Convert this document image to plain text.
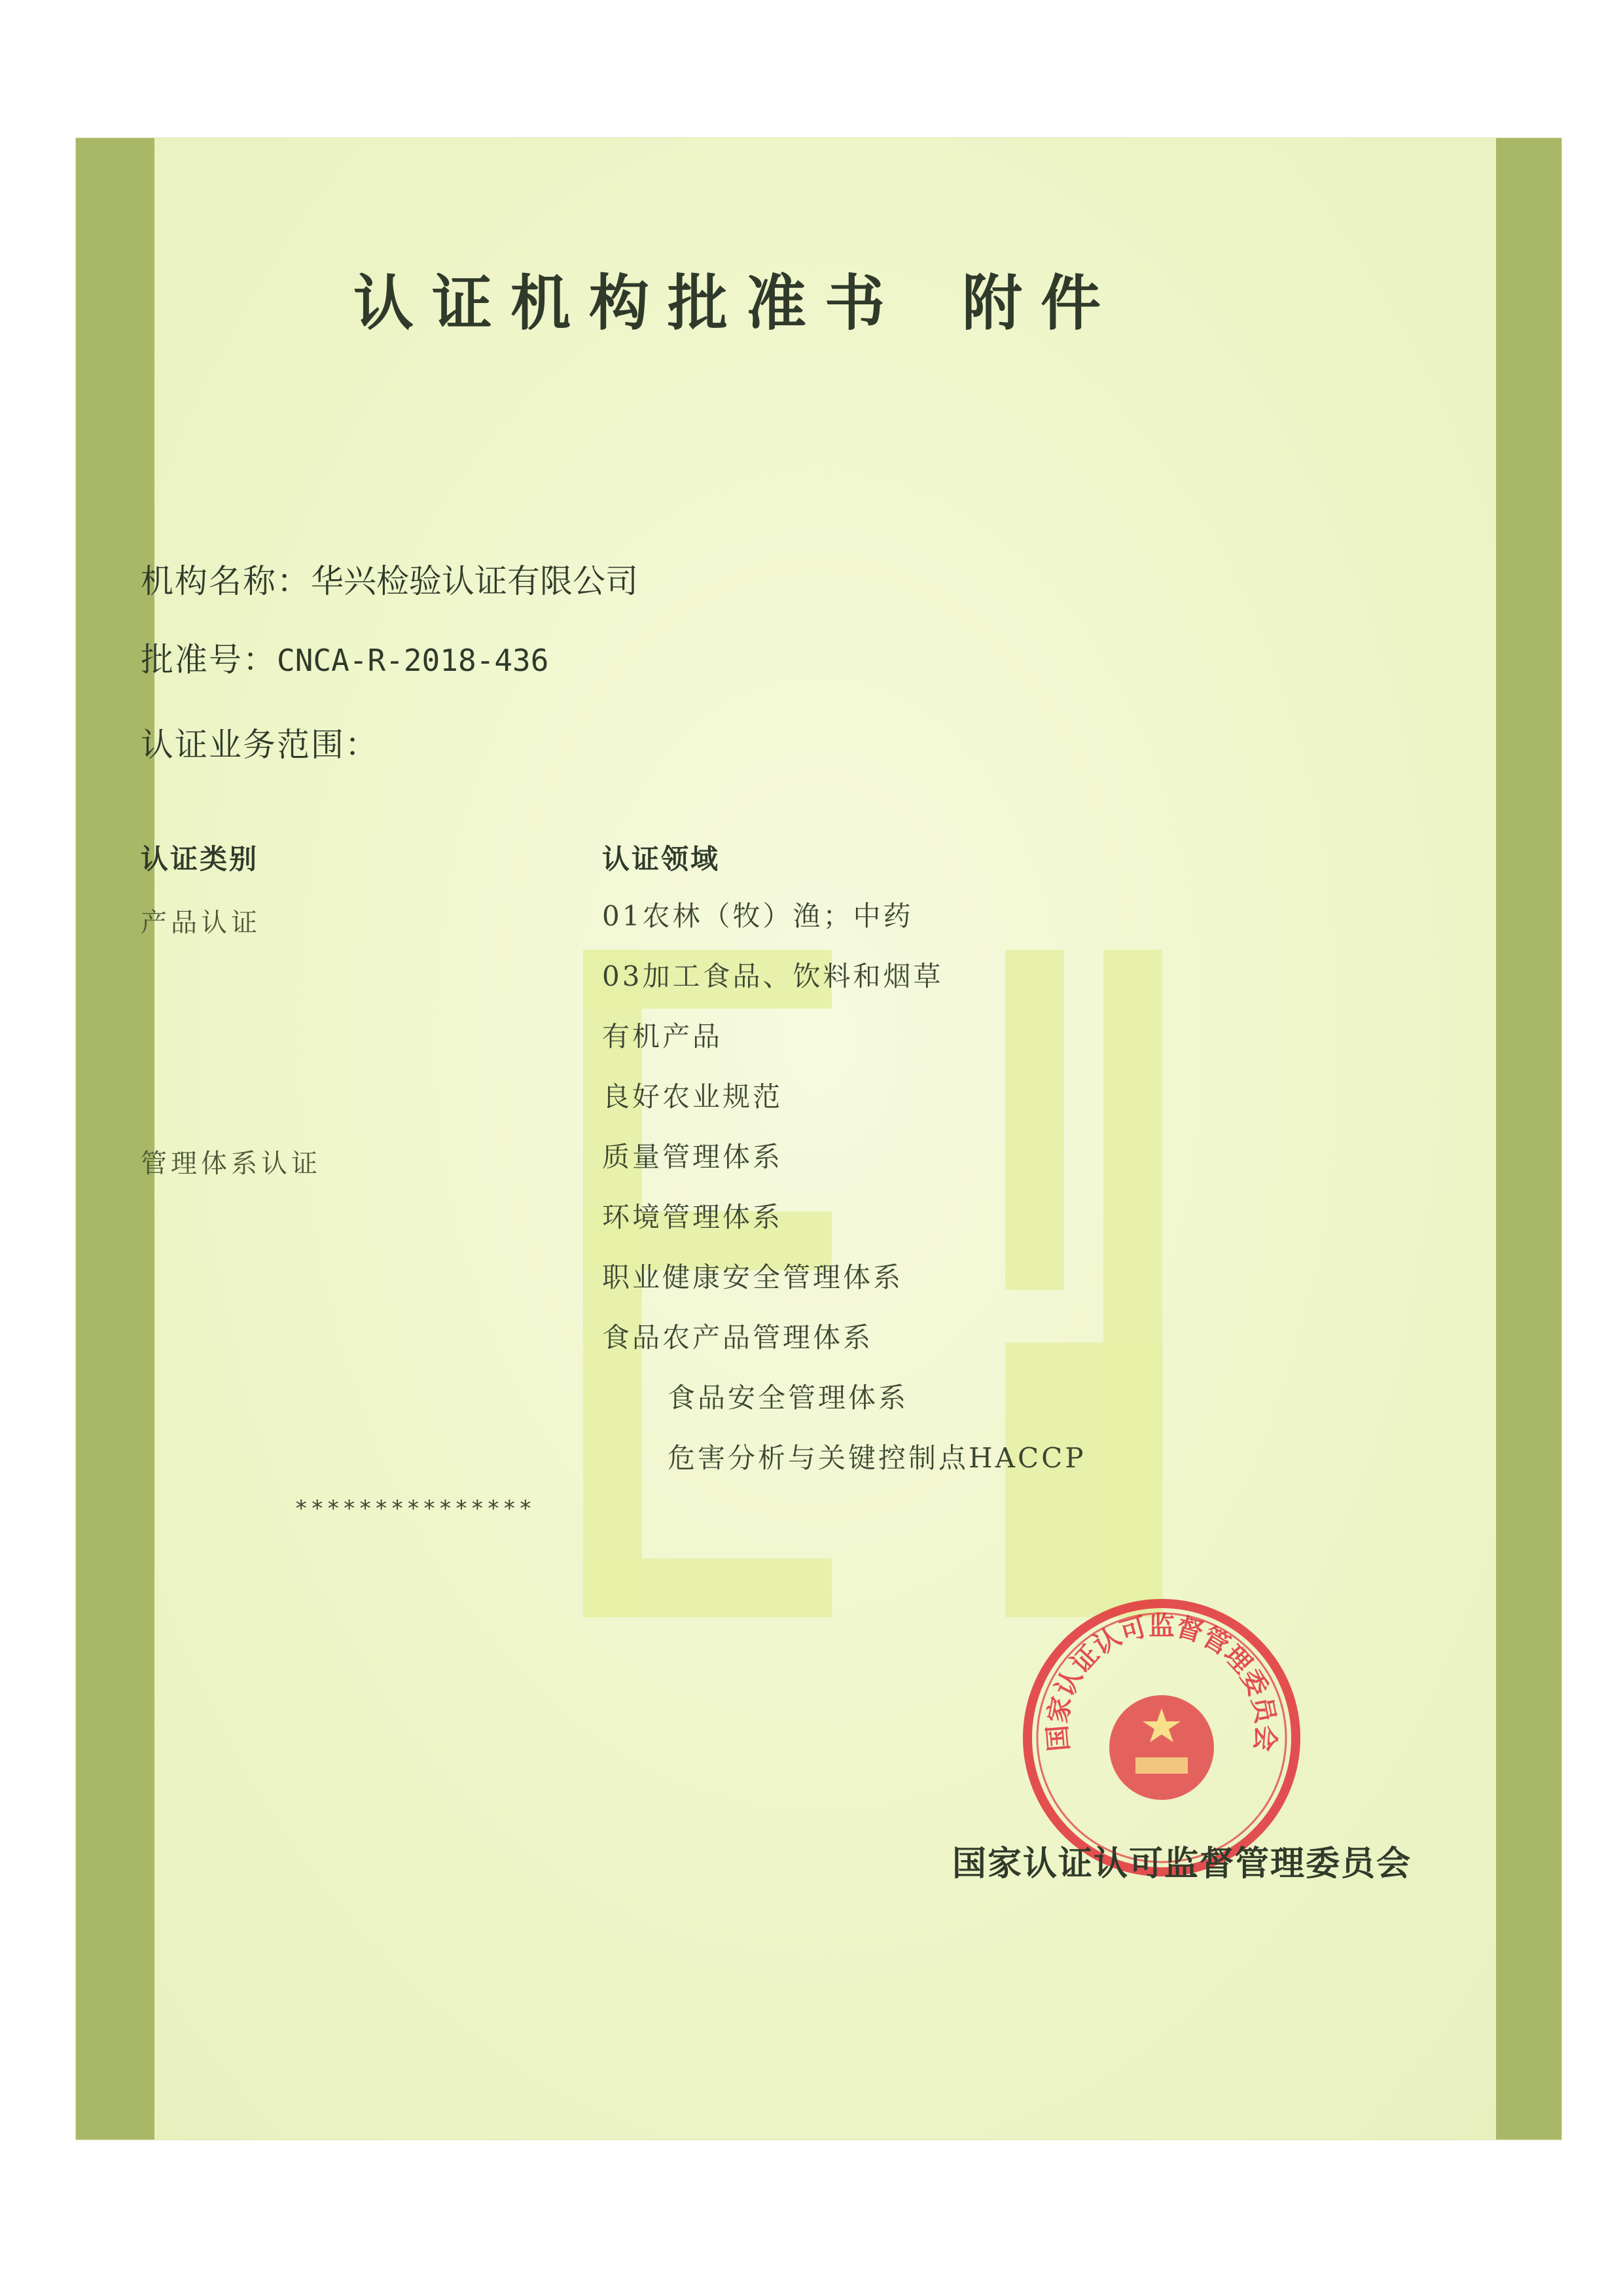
认证机构批准书 附件
机构名称：华兴检验认证有限公司
批准号：CNCA-R-2018-436
认证业务范围：
认证类别	认证领域
产品认证
管理体系认证
01农林（牧）渔；中药
03加工食品、饮料和烟草
有机产品
良好农业规范
质量管理体系
环境管理体系
职业健康安全管理体系
食品农产品管理体系
食品安全管理体系
危害分析与关键控制点HACCP
***************
国家认证认可监督管理委员会
国家认证认可监督管理委员会
